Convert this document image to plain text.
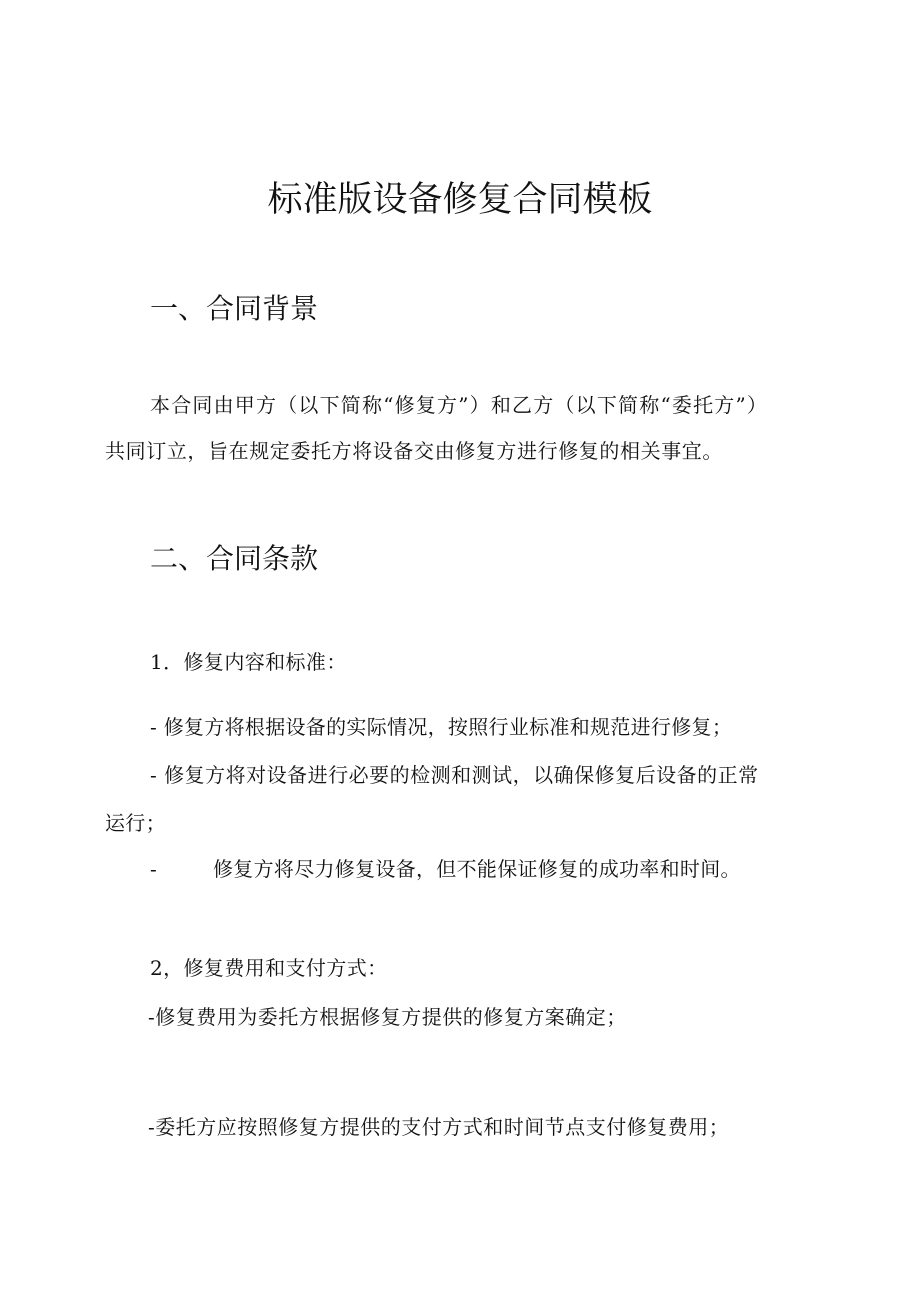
标准版设备修复合同模板
一、合同背景

本合同由甲方（以下简称“修复方”）和乙方（以下简称“委托方”）

共同订立，旨在规定委托方将设备交由修复方进行修复的相关事宜。

二、合同条款

1．修复内容和标准：

- 修复方将根据设备的实际情况，按照行业标准和规范进行修复；

- 修复方将对设备进行必要的检测和测试，以确保修复后设备的正常

运行；

-	修复方将尽力修复设备，但不能保证修复的成功率和时间。

2，修复费用和支付方式：

-修复费用为委托方根据修复方提供的修复方案确定；

-委托方应按照修复方提供的支付方式和时间节点支付修复费用；
